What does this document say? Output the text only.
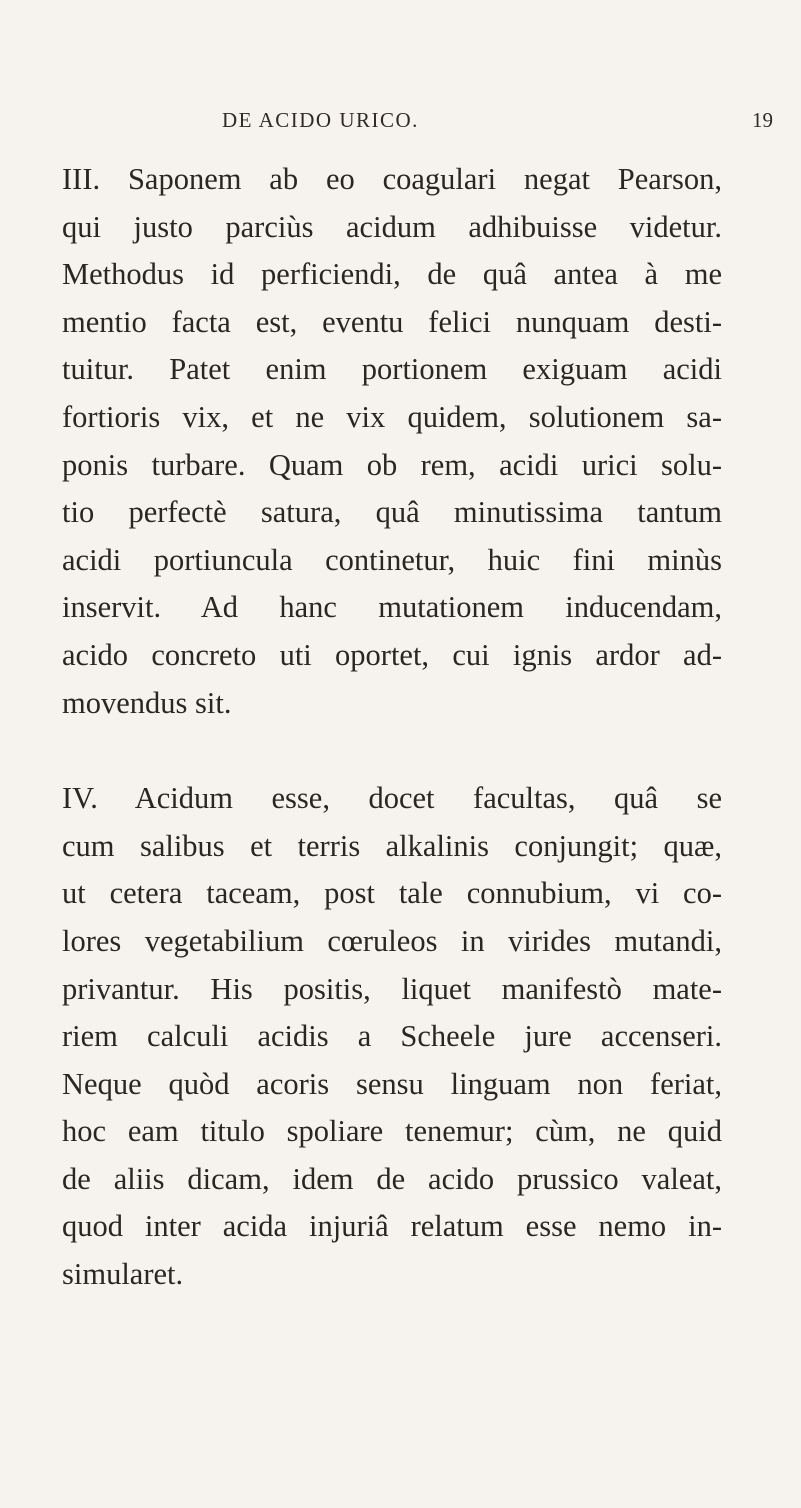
DE ACIDO URICO.	19
III. Saponem ab eo coagulari negat Pearson,
qui justo parciùs acidum adhibuisse videtur.
Methodus id perficiendi, de quâ antea à me
mentio facta est, eventu felici nunquam desti-
tuitur. Patet enim portionem exiguam acidi
fortioris vix, et ne vix quidem, solutionem sa-
ponis turbare. Quam ob rem, acidi urici solu-
tio perfectè satura, quâ minutissima tantum
acidi portiuncula continetur, huic fini minùs
inservit. Ad hanc mutationem inducendam,
acido concreto uti oportet, cui ignis ardor ad-
movendus sit.
IV. Acidum esse, docet facultas, quâ se
cum salibus et terris alkalinis conjungit; quæ,
ut cetera taceam, post tale connubium, vi co-
lores vegetabilium cœruleos in virides mutandi,
privantur. His positis, liquet manifestò mate-
riem calculi acidis a Scheele jure accenseri.
Neque quòd acoris sensu linguam non feriat,
hoc eam titulo spoliare tenemur; cùm, ne quid
de aliis dicam, idem de acido prussico valeat,
quod inter acida injuriâ relatum esse nemo in-
simularet.
